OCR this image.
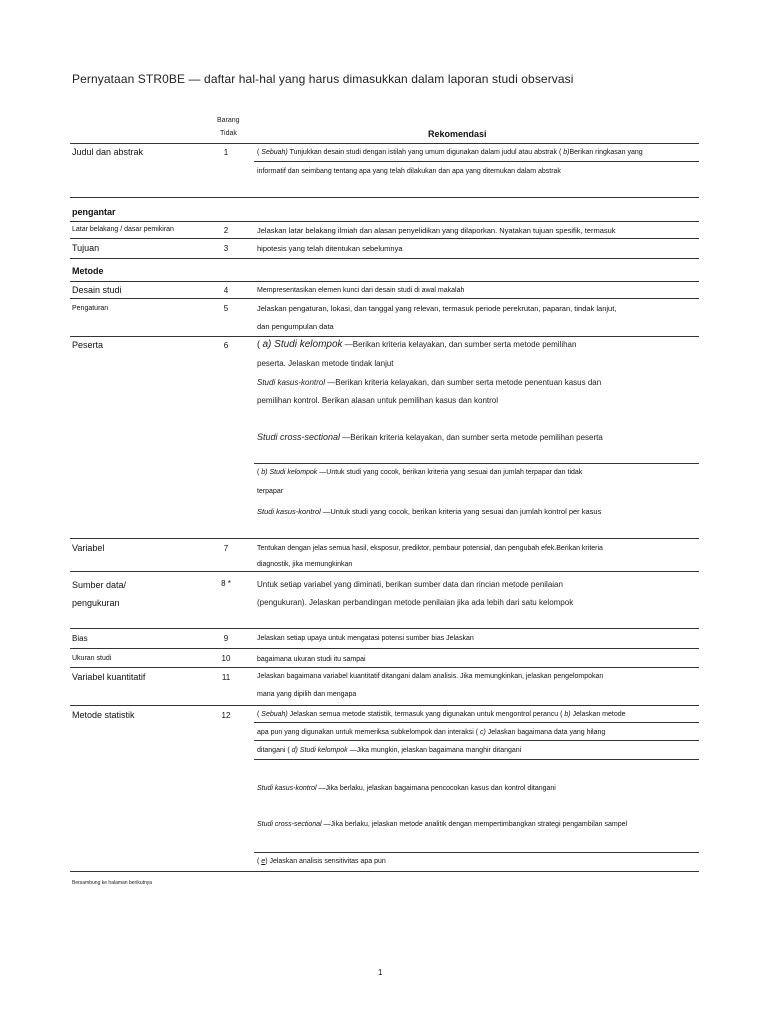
Pernyataan STR0BE — daftar hal-hal yang harus dimasukkan dalam laporan studi observasi
Barang
Tidak	Rekomendasi
Judul dan abstrak	1	( Sebuah) Tunjukkan desain studi dengan istilah yang umum digunakan dalam judul atau abstrak ( b)Berikan ringkasan yang
informatif dan seimbang tentang apa yang telah dilakukan dan apa yang ditemukan dalam abstrak
pengantar
Latar belakang / dasar pemikiran	2	Jelaskan latar belakang ilmiah dan alasan penyelidikan yang dilaporkan. Nyatakan tujuan spesifik, termasuk
Tujuan	3	hipotesis yang telah ditentukan sebelumnya
Metode
Desain studi	4	Mempresentasikan elemen kunci dari desain studi di awal makalah
Pengaturan	5	Jelaskan pengaturan, lokasi, dan tanggal yang relevan, termasuk periode perekrutan, paparan, tindak lanjut,
dan pengumpulan data
Peserta	6	( a) Studi kelompok —Berikan kriteria kelayakan, dan sumber serta metode pemilihan
peserta. Jelaskan metode tindak lanjut
Studi kasus-kontrol —Berikan kriteria kelayakan, dan sumber serta metode penentuan kasus dan
pemilihan kontrol. Berikan alasan untuk pemilihan kasus dan kontrol
Studi cross-sectional —Berikan kriteria kelayakan, dan sumber serta metode pemilihan peserta
( b) Studi kelompok —Untuk studi yang cocok, berikan kriteria yang sesuai dan jumlah terpapar dan tidak
terpapar
Studi kasus-kontrol —Untuk studi yang cocok, berikan kriteria yang sesuai dan jumlah kontrol per kasus
Variabel	7	Tentukan dengan jelas semua hasil, eksposur, prediktor, pembaur potensial, dan pengubah efek.Berikan kriteria
diagnostik, jika memungkinkan
Sumber data/
pengukuran
8 *	Untuk setiap variabel yang diminati, berikan sumber data dan rincian metode penilaian
(pengukuran). Jelaskan perbandingan metode penilaian jika ada lebih dari satu kelompok
Bias	9	Jelaskan setiap upaya untuk mengatasi potensi sumber bias Jelaskan
Ukuran studi	10	bagaimana ukuran studi itu sampai
Variabel kuantitatif	11	Jelaskan bagaimana variabel kuantitatif ditangani dalam analisis. Jika memungkinkan, jelaskan pengelompokan
mana yang dipilih dan mengapa
Metode statistik	12	( Sebuah) Jelaskan semua metode statistik, termasuk yang digunakan untuk mengontrol perancu ( b) Jelaskan metode
apa pun yang digunakan untuk memeriksa subkelompok dan interaksi ( c) Jelaskan bagaimana data yang hilang
ditangani ( d) Studi kelompok —Jika mungkin, jelaskan bagaimana manghir ditangani
Studi kasus-kontrol —Jika berlaku, jelaskan bagaimana pencocokan kasus dan kontrol ditangani
Studi cross-sectional —Jika berlaku, jelaskan metode analitik dengan mempertimbangkan strategi pengambilan sampel
( e) Jelaskan analisis sensitivitas apa pun
Bersambung ke halaman berikutnya
1
